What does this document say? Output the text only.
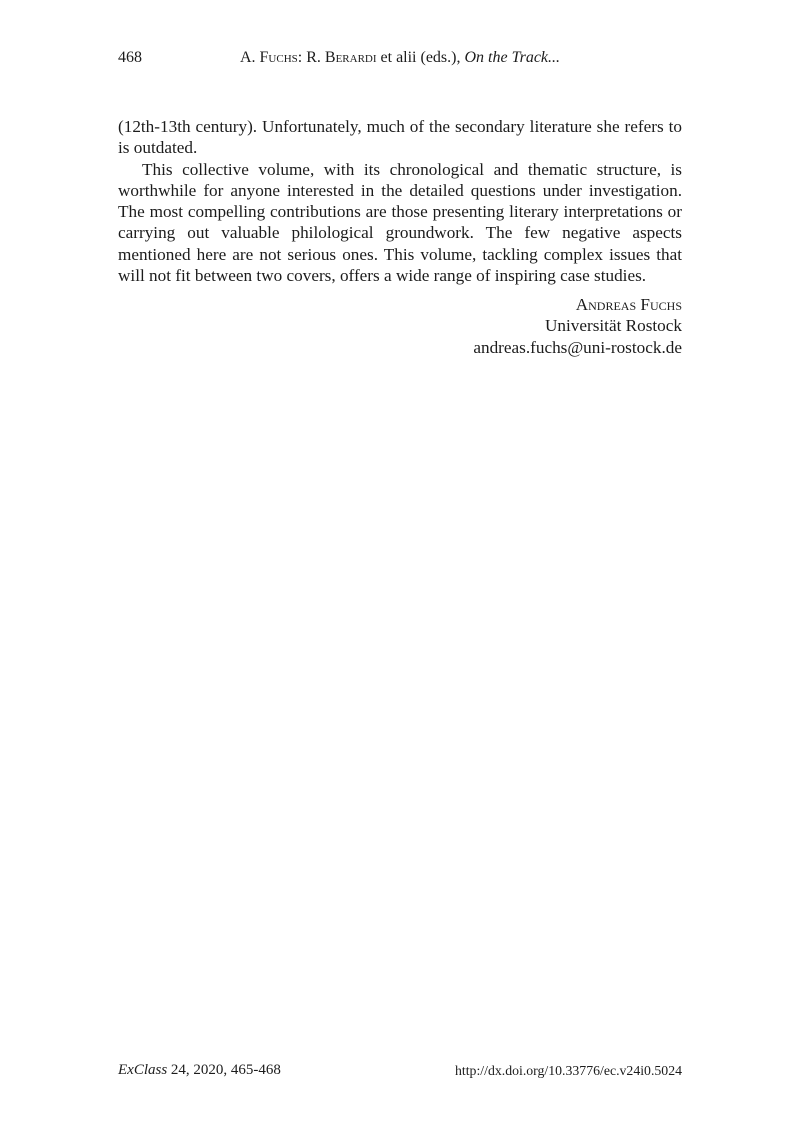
468	A. Fuchs: R. Berardi et alii (eds.), On the Track...

(12th-13th century). Unfortunately, much of the secondary literature she refers to is outdated.

This collective volume, with its chronological and thematic structure, is worthwhile for anyone interested in the detailed questions under investigation. The most compelling contributions are those presenting literary interpretations or carrying out valuable philological groundwork. The few negative aspects mentioned here are not serious ones. This volume, tackling complex issues that will not fit between two covers, offers a wide range of inspiring case studies.

Andreas Fuchs
Universität Rostock
andreas.fuchs@uni-rostock.de
ExClass 24, 2020, 465-468	http://dx.doi.org/10.33776/ec.v24i0.5024
